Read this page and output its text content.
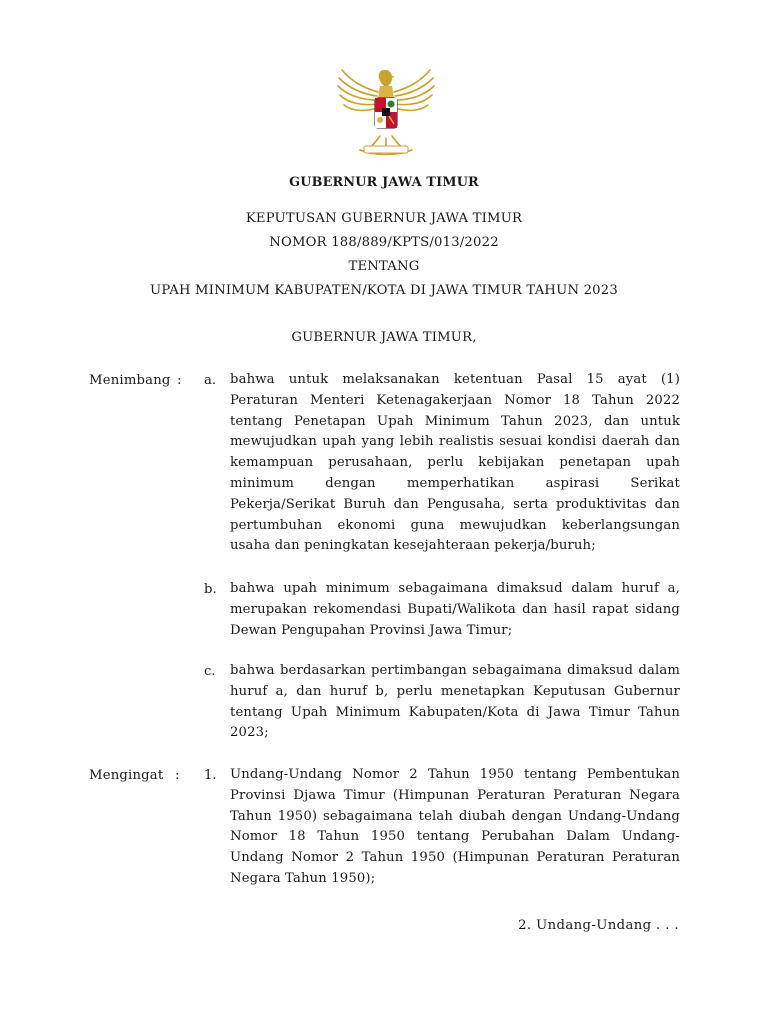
GUBERNUR JAWA TIMUR
KEPUTUSAN GUBERNUR JAWA TIMUR
NOMOR 188/889/KPTS/013/2022
TENTANG
UPAH MINIMUM KABUPATEN/KOTA DI JAWA TIMUR TAHUN 2023
GUBERNUR JAWA TIMUR,
Menimbang : a. bahwa untuk melaksanakan ketentuan Pasal 15 ayat (1) Peraturan Menteri Ketenagakerjaan Nomor 18 Tahun 2022 tentang Penetapan Upah Minimum Tahun 2023, dan untuk mewujudkan upah yang lebih realistis sesuai kondisi daerah dan kemampuan perusahaan, perlu kebijakan penetapan upah minimum dengan memperhatikan aspirasi Serikat Pekerja/Serikat Buruh dan Pengusaha, serta produktivitas dan pertumbuhan ekonomi guna mewujudkan keberlangsungan usaha dan peningkatan kesejahteraan pekerja/buruh;
b. bahwa upah minimum sebagaimana dimaksud dalam huruf a, merupakan rekomendasi Bupati/Walikota dan hasil rapat sidang Dewan Pengupahan Provinsi Jawa Timur;
c. bahwa berdasarkan pertimbangan sebagaimana dimaksud dalam huruf a, dan huruf b, perlu menetapkan Keputusan Gubernur tentang Upah Minimum Kabupaten/Kota di Jawa Timur Tahun 2023;
Mengingat : 1. Undang-Undang Nomor 2 Tahun 1950 tentang Pembentukan Provinsi Djawa Timur (Himpunan Peraturan Peraturan Negara Tahun 1950) sebagaimana telah diubah dengan Undang-Undang Nomor 18 Tahun 1950 tentang Perubahan Dalam Undang-Undang Nomor 2 Tahun 1950 (Himpunan Peraturan Peraturan Negara Tahun 1950);
2. Undang-Undang . . .
